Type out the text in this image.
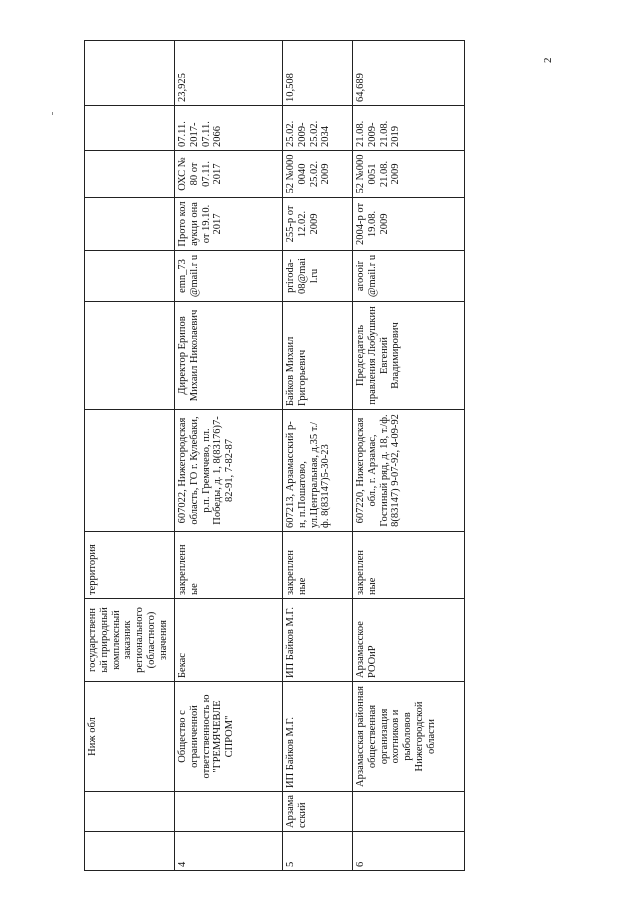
		Ниж обл	государственн ый природный комплексный заказник регионального (областного) значения	территория							
4		Общество с ограниченной ответственность ю "ГРЕМЯЧЕВЛЕ СПРОМ"	Бекас	закрепленн ые	607022, Нижегородская область, ГО г. Кулебаки, р.п. Гремячево, пл. Победы, д. 1, 8(83176)7-82-91, 7-82-87	Директор Ерипов Михаил Николаевич	emn_73 @mail.r u	Прото кол аукци она от 19.10. 2017	ОХС № 80 от 07.11. 2017	07.11. 2017- 07.11. 2066	23,925
5	Арзама сский	ИП Байков М.Г.	ИП Байков М.Г.	закреплен ные	607213, Арзамасский р-н, п.Пошатово, ул.Центральная, д.35 т./ф. 8(83147)5-30-23	Байков Михаил Григорьевич	priroda-08@mai l.ru	255-р от 12.02. 2009	52 №000 0040 25.02. 2009	25.02. 2009- 25.02. 2034	10,508
6		Арзамасская районная общественная организация охотников и рыболовов Нижегородской области	Арзамасское РООиР	закреплен ные	607220, Нижегородская обл., г. Арзамас, Гостиный ряд, д. 18, т./ф. 8(83147) 9-07-92, 4-09-92	Председатель правления Любушкин Евгений Владимирович	aroooir @mail.r u	2004-р от 19.08. 2009	52 №000 0051 21.08. 2009	21.08. 2009- 21.08. 2019	64,689
2
